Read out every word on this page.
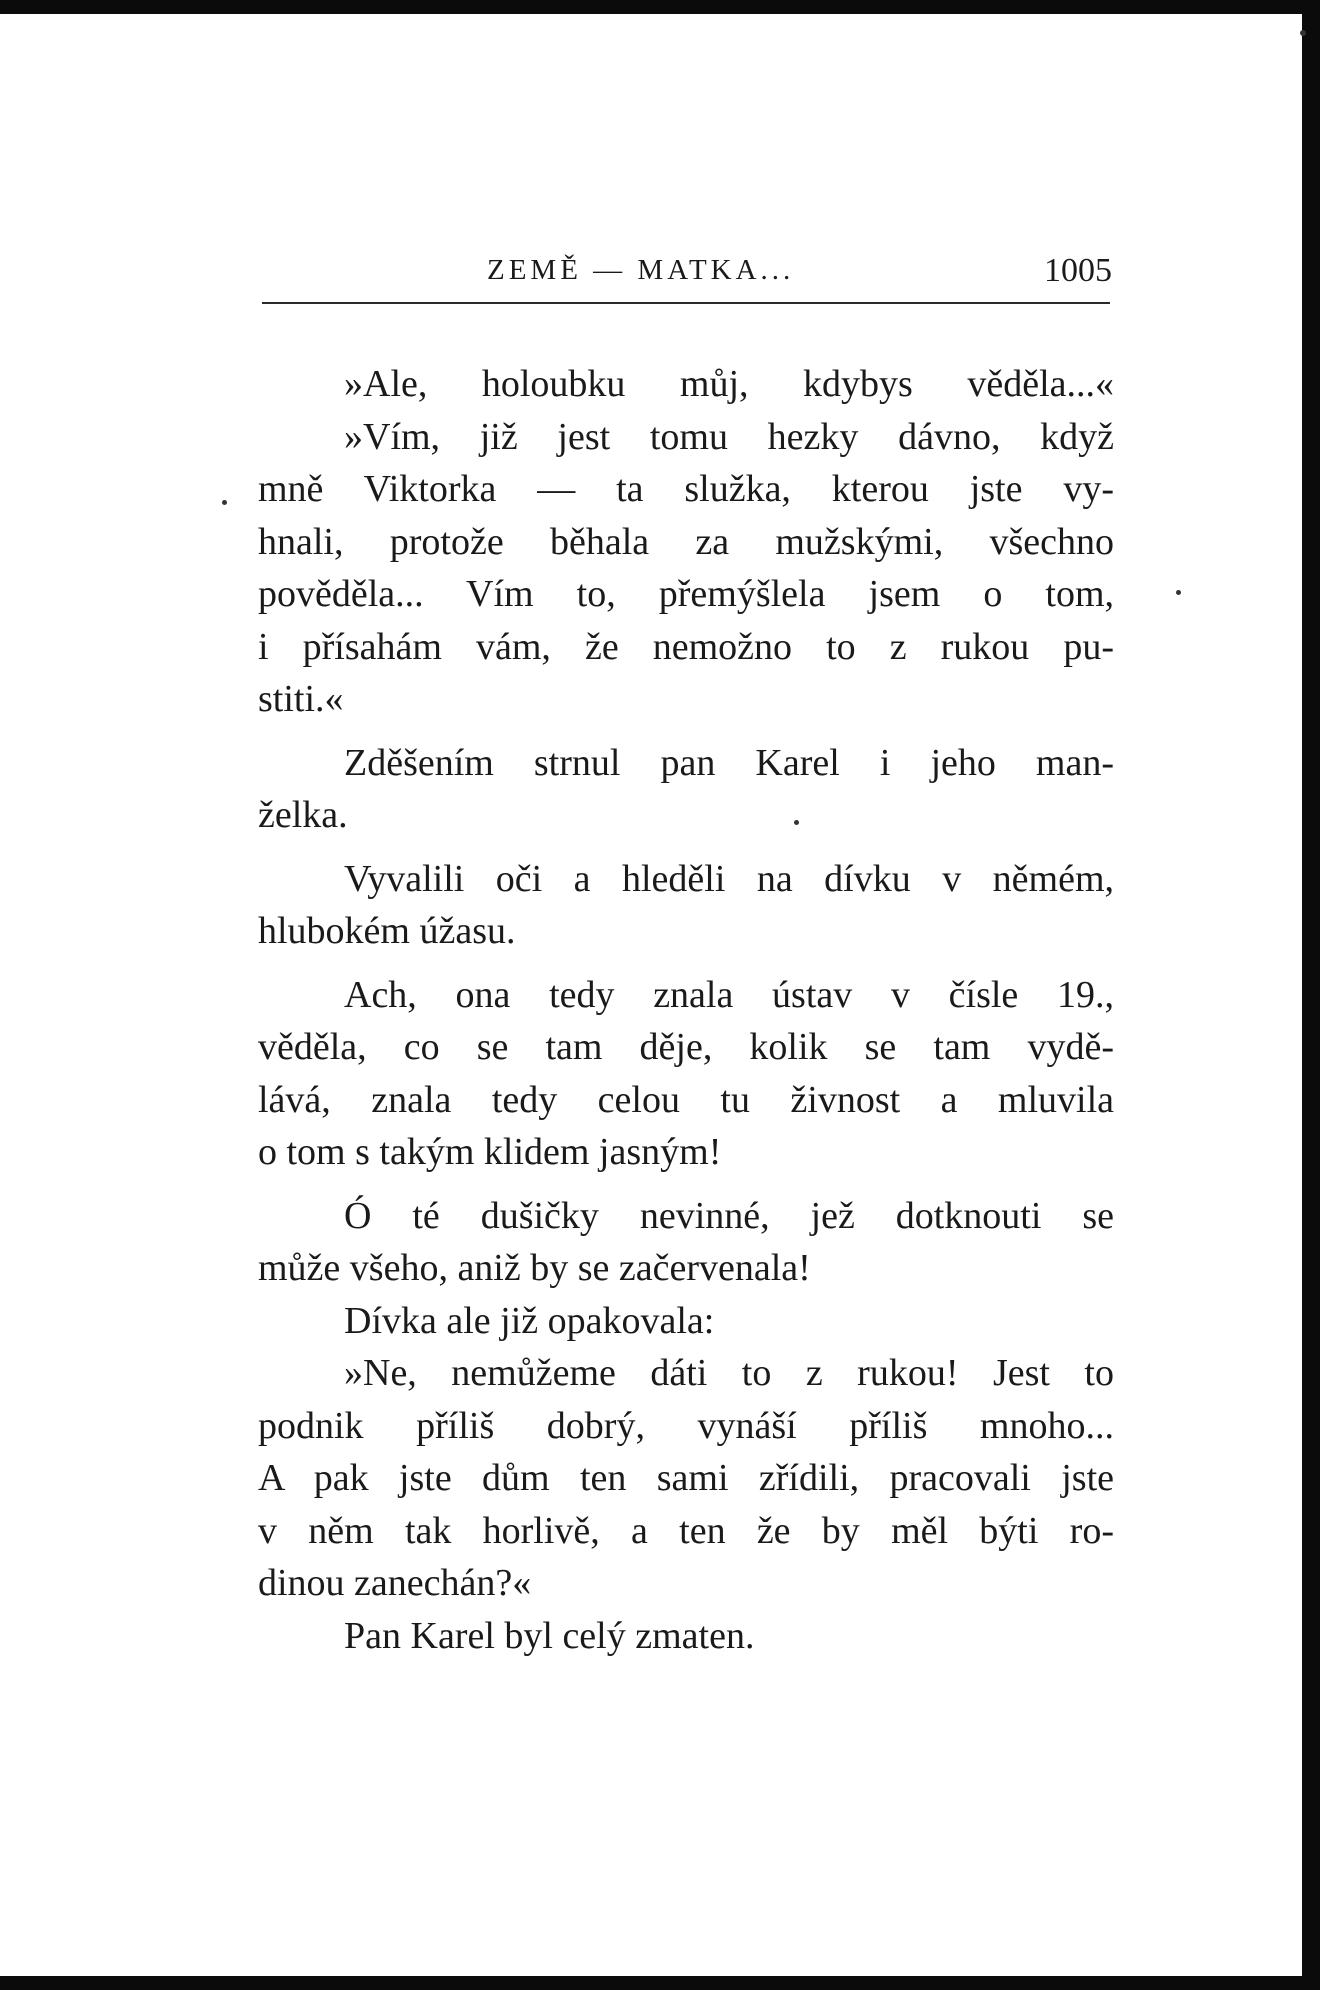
ZEMĚ — MATKA...	1005
»Ale, holoubku můj, kdybys věděla...«
»Vím, již jest tomu hezky dávno, když
mně Viktorka — ta služka, kterou jste vy-
hnali, protože běhala za mužskými, všechno
pověděla... Vím to, přemýšlela jsem o tom,
i přísahám vám, že nemožno to z rukou pu-
stiti.«
Zděšením strnul pan Karel i jeho man-
želka.
Vyvalili oči a hleděli na dívku v němém,
hlubokém úžasu.
Ach, ona tedy znala ústav v čísle 19.,
věděla, co se tam děje, kolik se tam vydě-
lává, znala tedy celou tu živnost a mluvila
o tom s takým klidem jasným!
Ó té dušičky nevinné, jež dotknouti se
může všeho, aniž by se začervenala!
Dívka ale již opakovala:
»Ne, nemůžeme dáti to z rukou! Jest to
podnik příliš dobrý, vynáší příliš mnoho...
A pak jste dům ten sami zřídili, pracovali jste
v něm tak horlivě, a ten že by měl býti ro-
dinou zanechán?«
Pan Karel byl celý zmaten.
